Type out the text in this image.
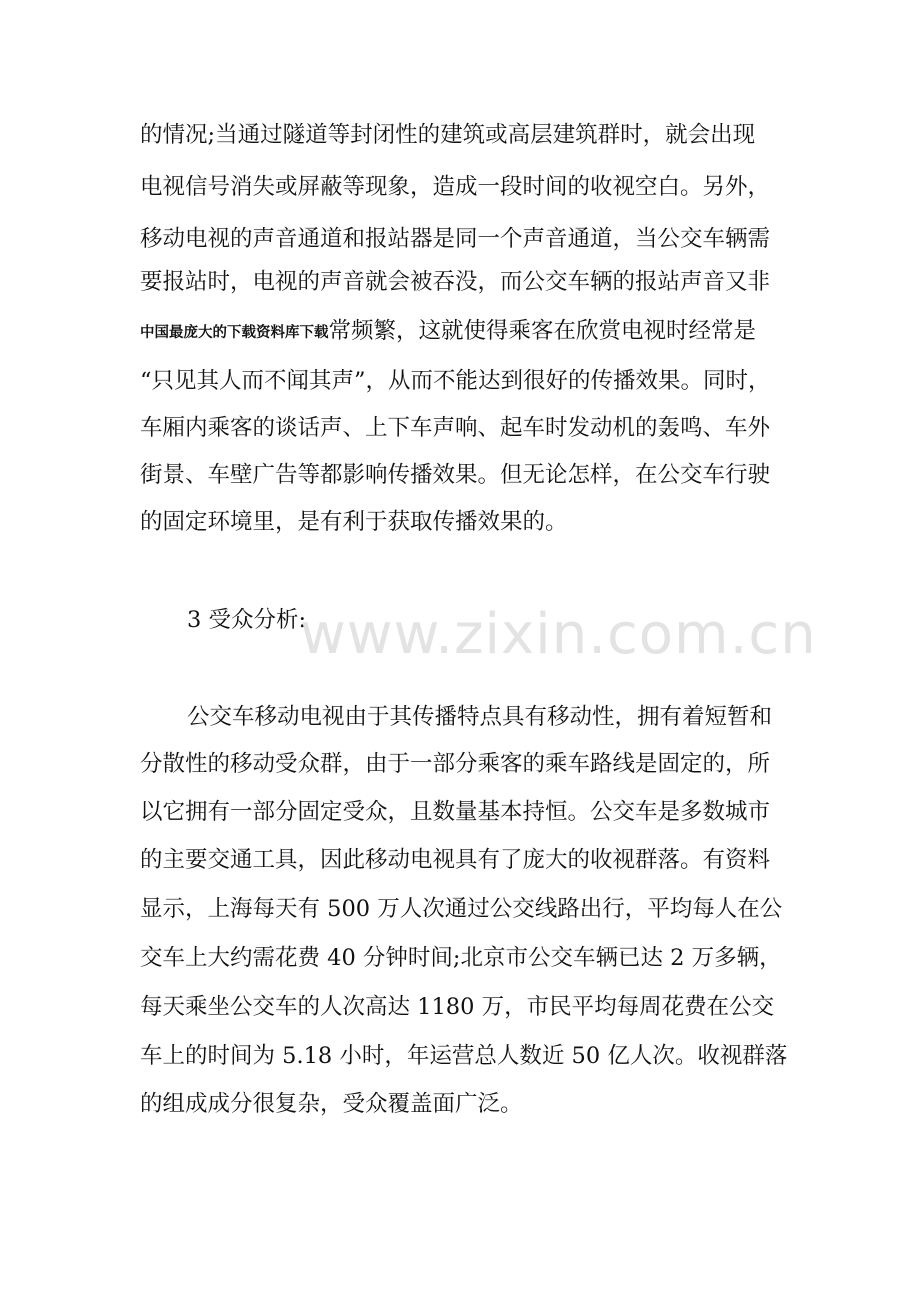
的情况;当通过隧道等封闭性的建筑或高层建筑群时，就会出现
电视信号消失或屏蔽等现象，造成一段时间的收视空白。另外，
移动电视的声音通道和报站器是同一个声音通道，当公交车辆需
要报站时，电视的声音就会被吞没，而公交车辆的报站声音又非
中国最庞大的下载资料库下载常频繁，这就使得乘客在欣赏电视时经常是
“只见其人而不闻其声”，从而不能达到很好的传播效果。同时，
车厢内乘客的谈话声、上下车声响、起车时发动机的轰鸣、车外
街景、车壁广告等都影响传播效果。但无论怎样，在公交车行驶
的固定环境里，是有利于获取传播效果的。
3 受众分析:
公交车移动电视由于其传播特点具有移动性，拥有着短暂和
分散性的移动受众群，由于一部分乘客的乘车路线是固定的，所
以它拥有一部分固定受众，且数量基本持恒。公交车是多数城市
的主要交通工具，因此移动电视具有了庞大的收视群落。有资料
显示，上海每天有 500 万人次通过公交线路出行，平均每人在公
交车上大约需花费 40 分钟时间;北京市公交车辆已达 2 万多辆，
每天乘坐公交车的人次高达 1180 万，市民平均每周花费在公交
车上的时间为 5.18 小时，年运营总人数近 50 亿人次。收视群落
的组成成分很复杂，受众覆盖面广泛。
www.zixin.com.cn
